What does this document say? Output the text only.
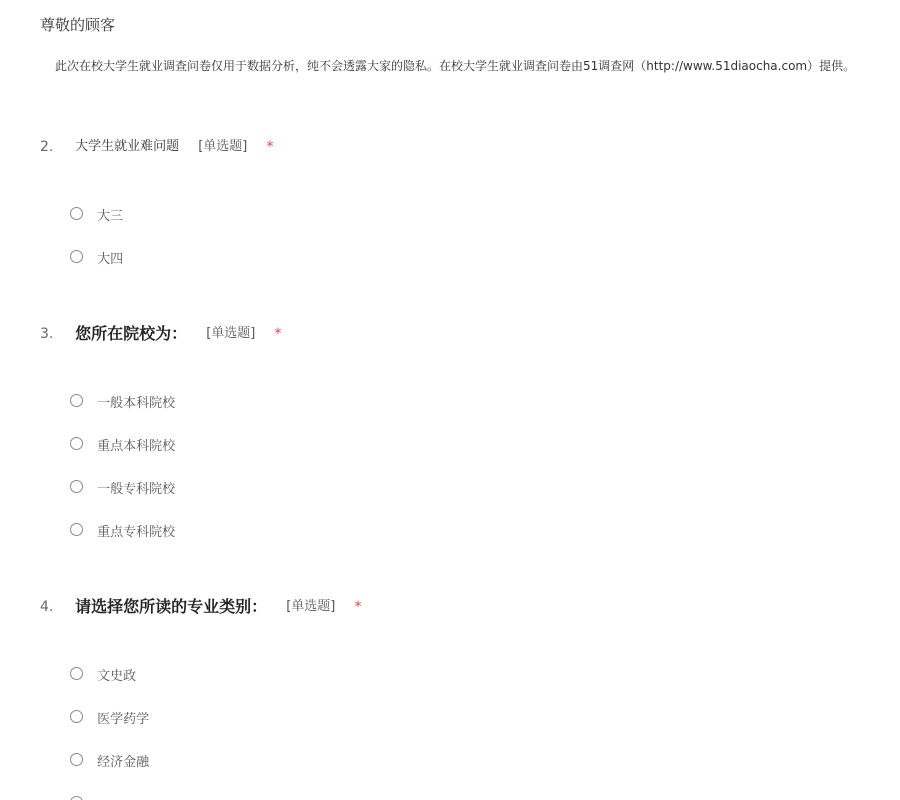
尊敬的顾客
此次在校大学生就业调查问卷仅用于数据分析，纯不会透露大家的隐私。在校大学生就业调查问卷由51调查网（http://www.51diaocha.com）提供。
2. 大学生就业难问题 [单选题] *
大三
大四
3. 您所在院校为： [单选题] *
一般本科院校
重点本科院校
一般专科院校
重点专科院校
4. 请选择您所读的专业类别： [单选题] *
文史政
医学药学
经济金融
